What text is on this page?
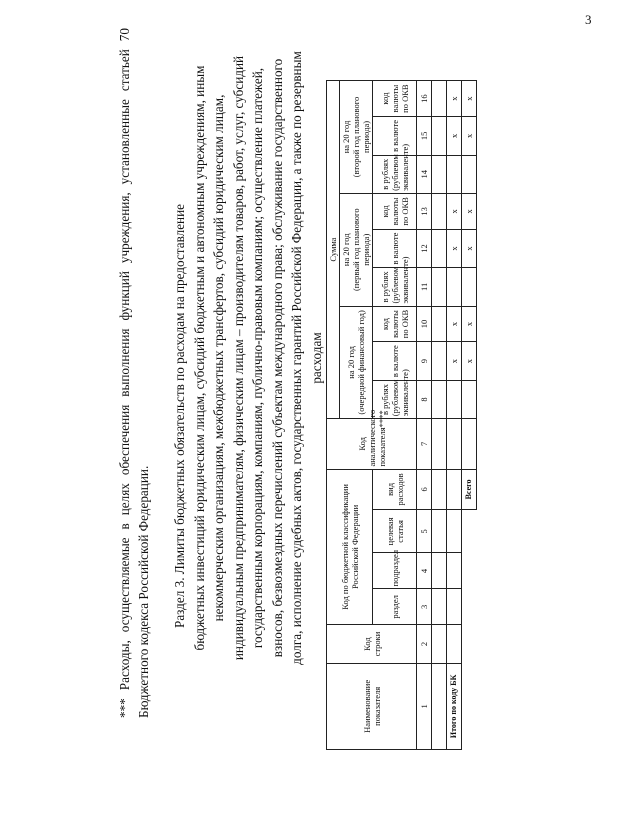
3
*** Расходы, осуществляемые в целях обеспечения выполнения функций учреждения, установленные статьей 70 Бюджетного кодекса Российской Федерации. Раздел 3. Лимиты бюджетных обязательств по расходам на предоставление бюджетных инвестиций юридическим лицам, субсидий бюджетным и автономным учреждениям, иным некоммерческим организациям, межбюджетных трансфертов, субсидий юридическим лицам, индивидуальным предпринимателям, физическим лицам – производителям товаров, работ, услуг, субсидий государственным корпорациям, компаниям, публично-правовым компаниям; осуществление платежей, взносов, безвозмездных перечислений субъектам международного права; обслуживание государственного долга, исполнение судебных актов, государственных гарантий Российской Федерации, а также по резервным расходам
Наименование показателя	Код строки	Код по бюджетной классификации Российской Федерации				Код аналитического показателя****	Сумма									

							на 20 год (очередной финансовый год)			на 20 год (первый год планового периода)			на 20 год (второй год планового периода)			

		раздел	подраздел	целевая статья	вид расходов		в рублях (рублевом эквиваленте)	в валюте	код валюты по ОКВ	в рублях (рублевом эквиваленте)	в валюте	код валюты по ОКВ	в рублях (рублевом эквиваленте)	в валюте	код валюты по ОКВ	

1	2	3	4	5	6	7	8	9	10	11	12	13	14	15	16	

Итого по коду БК								x	x		x	x		x	x	
					Всего			x	x		x	x		x	x	
